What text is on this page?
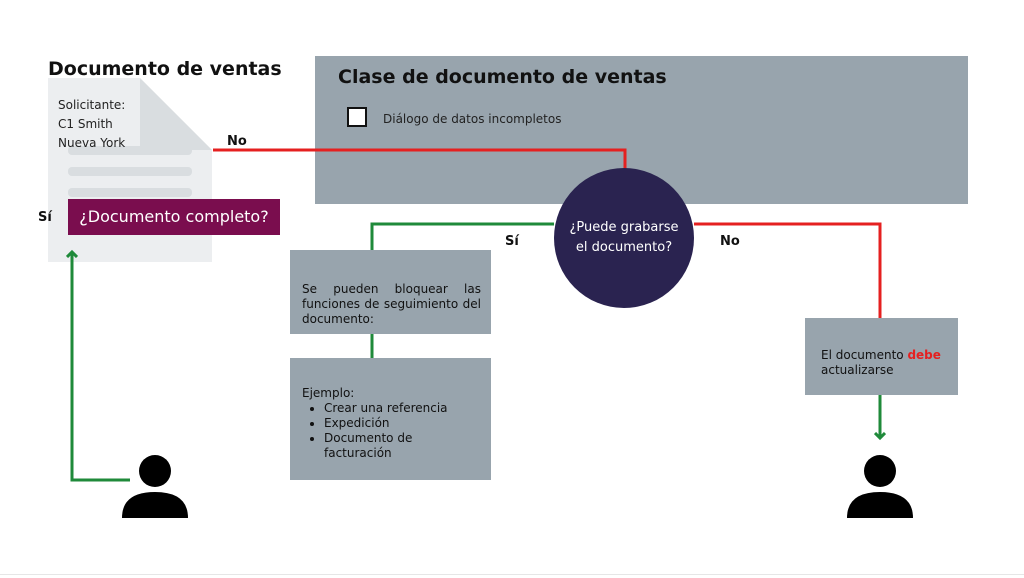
Clase de documento de ventas
Diálogo de datos incompletos
Documento de ventas
Solicitante:
C1 Smith
Nueva York
¿Documento completo?
No
Sí
Sí	No
¿Puede grabarse
el documento?
Se pueden bloquear las funciones de seguimiento del documento:
Ejemplo:
• Crear una referencia
• Expedición
• Documento de facturación
El documento debe
actualizarse
